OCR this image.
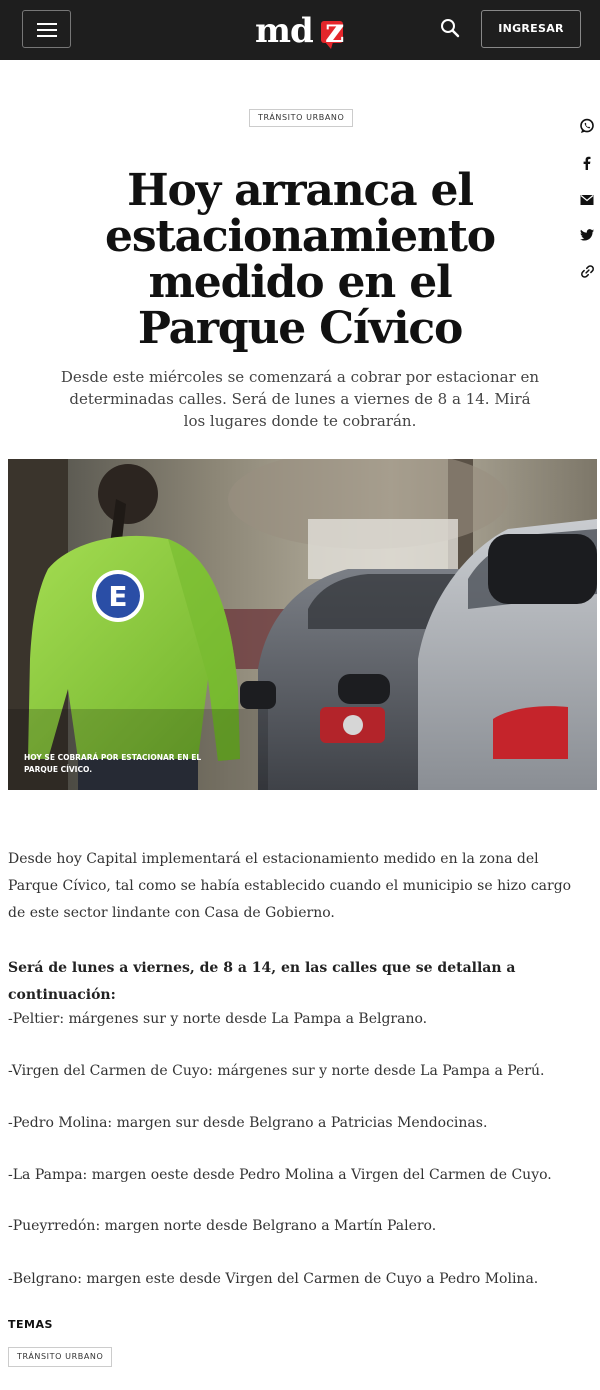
md z	INGRESAR
TRÁNSITO URBANO
Hoy arranca el estacionamiento medido en el Parque Cívico

Desde este miércoles se comenzará a cobrar por estacionar en determinadas calles. Será de lunes a viernes de 8 a 14. Mirá los lugares donde te cobrarán.

E
HOY SE COBRARÁ POR ESTACIONAR EN EL PARQUE CÍVICO.

Desde hoy Capital implementará el estacionamiento medido en la zona del Parque Cívico, tal como se había establecido cuando el municipio se hizo cargo de este sector lindante con Casa de Gobierno.

Será de lunes a viernes, de 8 a 14, en las calles que se detallan a continuación:

-Peltier: márgenes sur y norte desde La Pampa a Belgrano.

-Virgen del Carmen de Cuyo: márgenes sur y norte desde La Pampa a Perú.

-Pedro Molina: margen sur desde Belgrano a Patricias Mendocinas.

-La Pampa: margen oeste desde Pedro Molina a Virgen del Carmen de Cuyo.

-Pueyrredón: margen norte desde Belgrano a Martín Palero.

-Belgrano: margen este desde Virgen del Carmen de Cuyo a Pedro Molina.

TEMAS
TRÁNSITO URBANO
